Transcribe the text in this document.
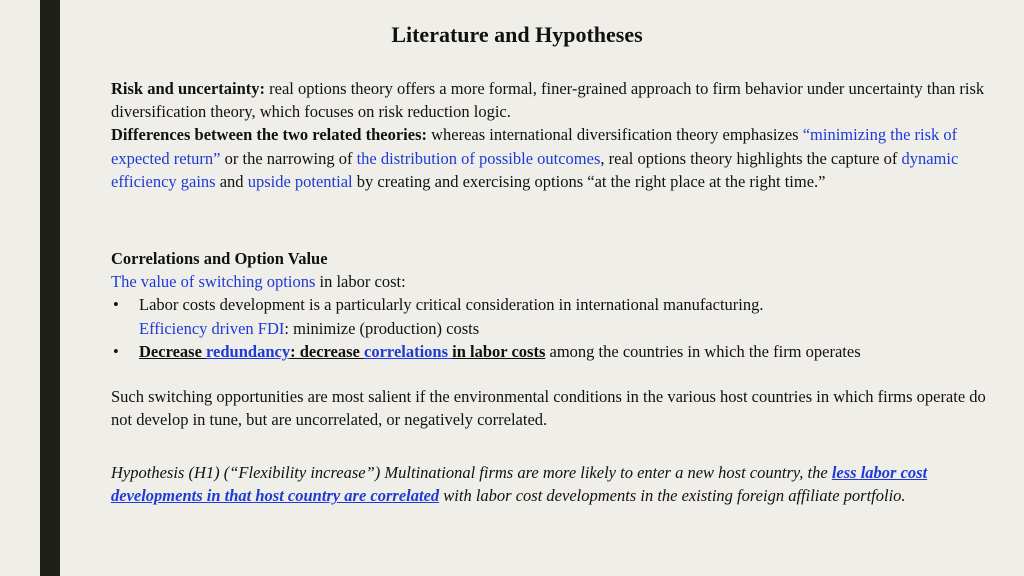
Literature and Hypotheses

Risk and uncertainty: real options theory offers a more formal, finer-grained approach to firm behavior under uncertainty than risk diversification theory, which focuses on risk reduction logic.

Differences between the two related theories: whereas international diversification theory emphasizes “minimizing the risk of expected return” or the narrowing of the distribution of possible outcomes, real options theory highlights the capture of dynamic efficiency gains and upside potential by creating and exercising options “at the right place at the right time.”

Correlations and Option Value

The value of switching options in labor cost:

• Labor costs development is a particularly critical consideration in international manufacturing.
Efficiency driven FDI: minimize (production) costs
• Decrease redundancy: decrease correlations in labor costs among the countries in which the firm operates

Such switching opportunities are most salient if the environmental conditions in the various host countries in which firms operate do not develop in tune, but are uncorrelated, or negatively correlated.

Hypothesis (H1) (“Flexibility increase”) Multinational firms are more likely to enter a new host country, the less labor cost developments in that host country are correlated with labor cost developments in the existing foreign affiliate portfolio.
